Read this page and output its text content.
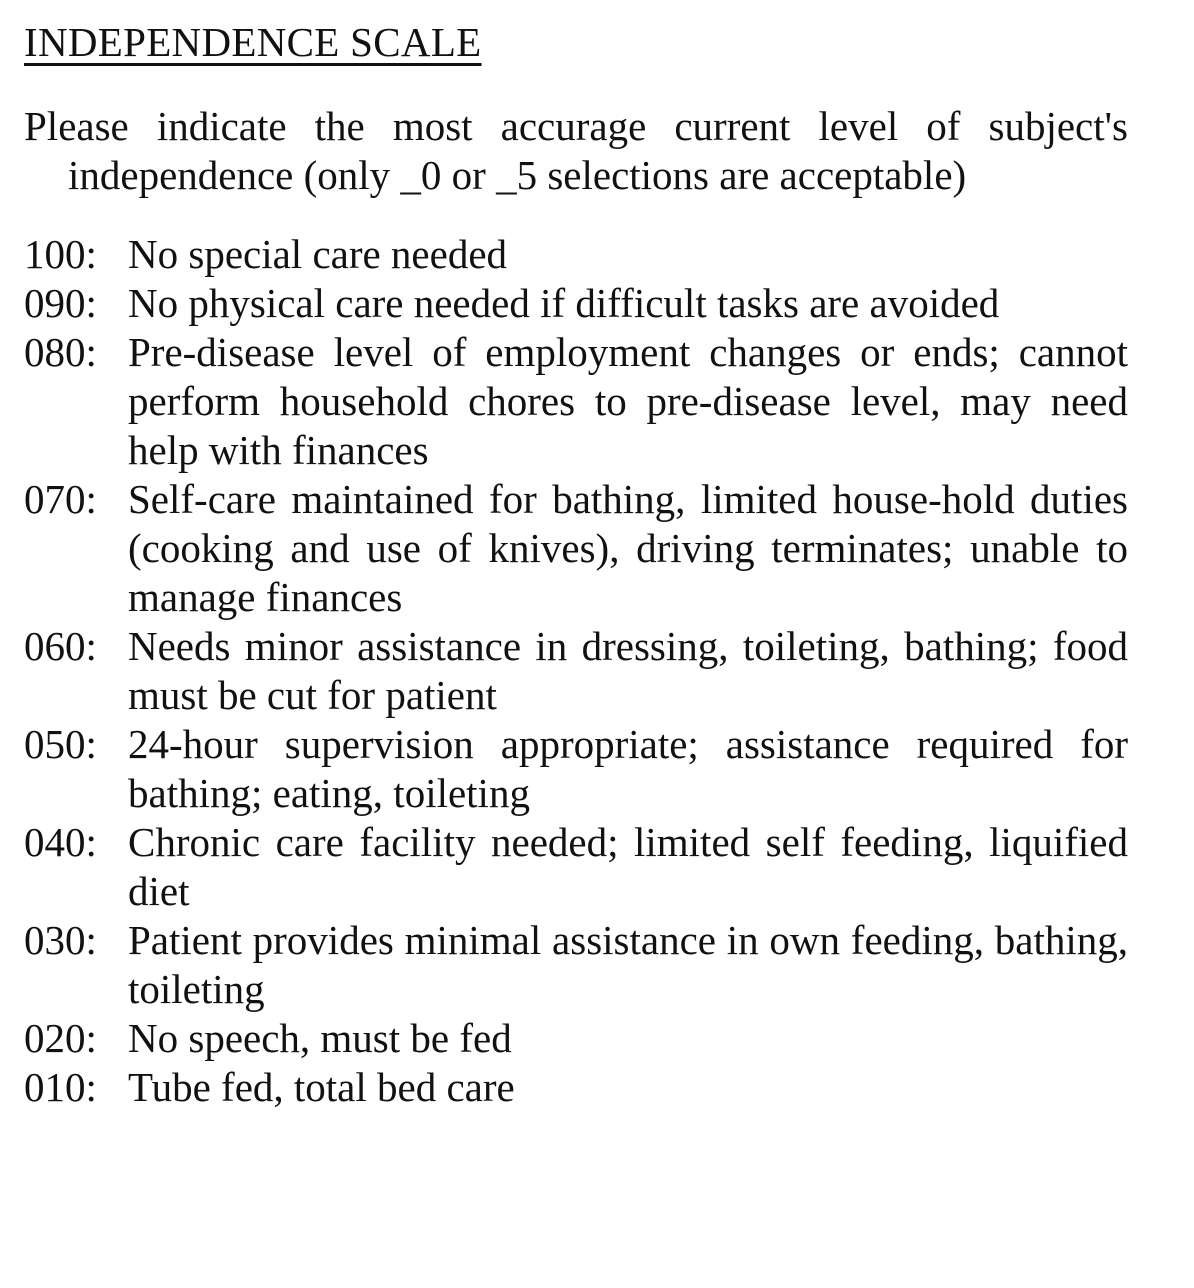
INDEPENDENCE SCALE

Please indicate the most accurage current level of subject's independence (only _0 or _5 selections are acceptable)

100: No special care needed
090: No physical care needed if difficult tasks are avoided
080: Pre-disease level of employment changes or ends; cannot perform household chores to pre-disease level, may need help with finances
070: Self-care maintained for bathing, limited house-hold duties (cooking and use of knives), driving terminates; unable to manage finances
060: Needs minor assistance in dressing, toileting, bathing; food must be cut for patient
050: 24-hour supervision appropriate; assistance required for bathing; eating, toileting
040: Chronic care facility needed; limited self feeding, liquified diet
030: Patient provides minimal assistance in own feeding, bathing, toileting
020: No speech, must be fed
010: Tube fed, total bed care
